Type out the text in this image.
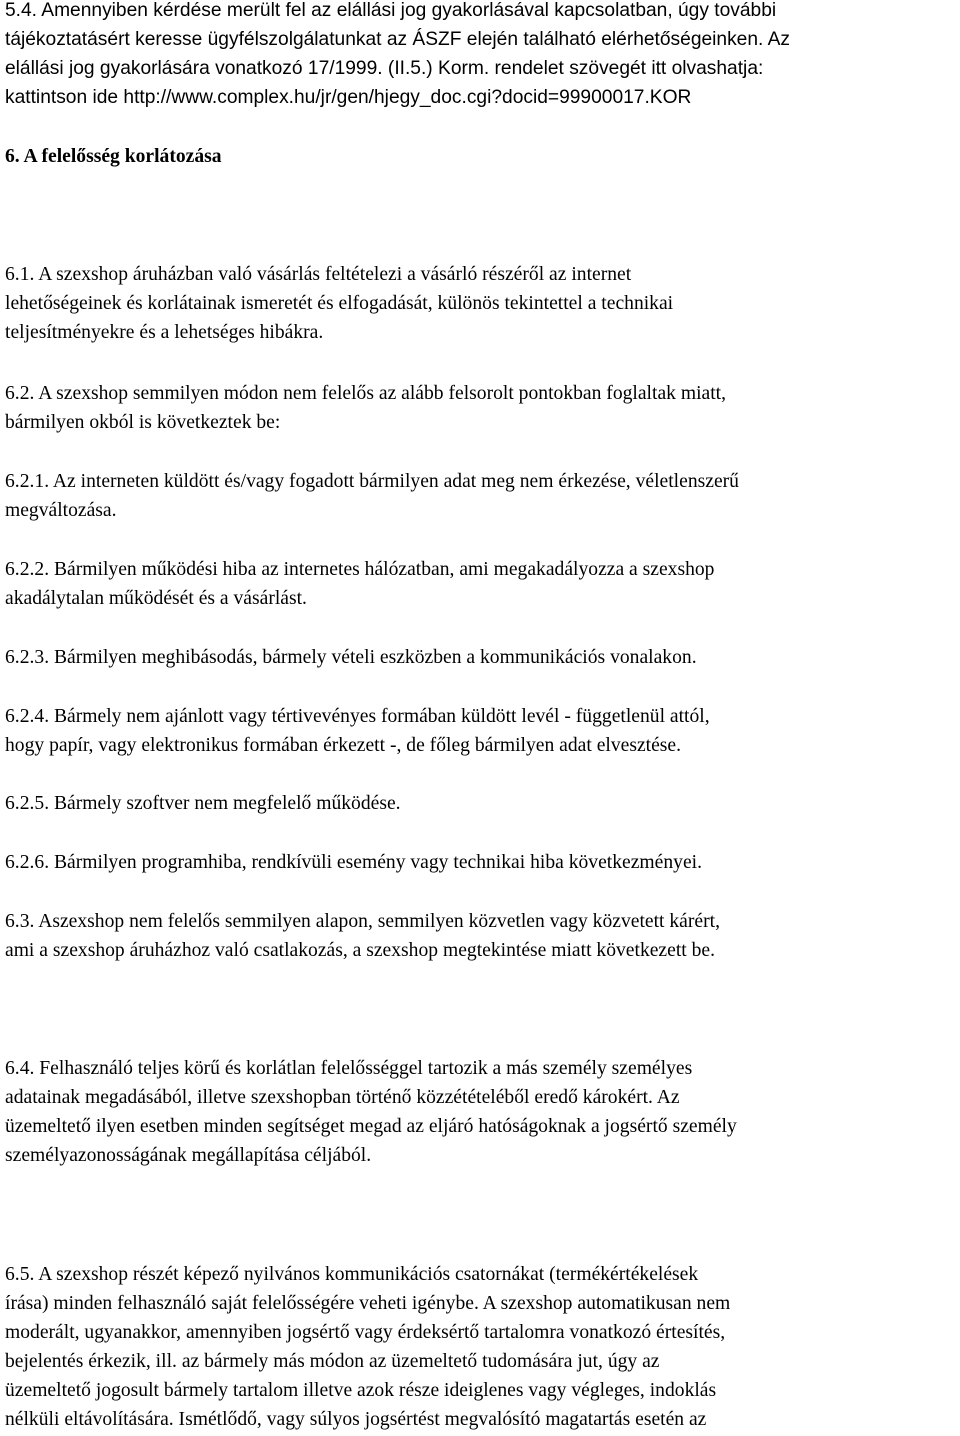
5.4. Amennyiben kérdése merült fel az elállási jog gyakorlásával kapcsolatban, úgy további
tájékoztatásért keresse ügyfélszolgálatunkat az ÁSZF elején található elérhetőségeinken. Az
elállási jog gyakorlására vonatkozó 17/1999. (II.5.) Korm. rendelet szövegét itt olvashatja:
kattintson ide http://www.complex.hu/jr/gen/hjegy_doc.cgi?docid=99900017.KOR
6. A felelősség korlátozása
6.1. A szexshop áruházban való vásárlás feltételezi a vásárló részéről az internet
lehetőségeinek és korlátainak ismeretét és elfogadását, különös tekintettel a technikai
teljesítményekre és a lehetséges hibákra.
6.2. A szexshop semmilyen módon nem felelős az alább felsorolt pontokban foglaltak miatt,
bármilyen okból is következtek be:
6.2.1. Az interneten küldött és/vagy fogadott bármilyen adat meg nem érkezése, véletlenszerű
megváltozása.
6.2.2. Bármilyen működési hiba az internetes hálózatban, ami megakadályozza a szexshop
akadálytalan működését és a vásárlást.
6.2.3. Bármilyen meghibásodás, bármely vételi eszközben a kommunikációs vonalakon.
6.2.4. Bármely nem ajánlott vagy tértivevényes formában küldött levél - függetlenül attól,
hogy papír, vagy elektronikus formában érkezett -, de főleg bármilyen adat elvesztése.
6.2.5. Bármely szoftver nem megfelelő működése.
6.2.6. Bármilyen programhiba, rendkívüli esemény vagy technikai hiba következményei.
6.3. Aszexshop nem felelős semmilyen alapon, semmilyen közvetlen vagy közvetett kárért,
ami a szexshop áruházhoz való csatlakozás, a szexshop megtekintése miatt következett be.
6.4. Felhasználó teljes körű és korlátlan felelősséggel tartozik a más személy személyes
adatainak megadásából, illetve szexshopban történő közzétételéből eredő károkért. Az
üzemeltető ilyen esetben minden segítséget megad az eljáró hatóságoknak a jogsértő személy
személyazonosságának megállapítása céljából.
6.5. A szexshop részét képező nyilvános kommunikációs csatornákat (termékértékelések
írása) minden felhasználó saját felelősségére veheti igénybe. A szexshop automatikusan nem
moderált, ugyanakkor, amennyiben jogsértő vagy érdeksértő tartalomra vonatkozó értesítés,
bejelentés érkezik, ill. az bármely más módon az üzemeltető tudomására jut, úgy az
üzemeltető jogosult bármely tartalom illetve azok része ideiglenes vagy végleges, indoklás
nélküli eltávolítására. Ismétlődő, vagy súlyos jogsértést megvalósító magatartás esetén az
